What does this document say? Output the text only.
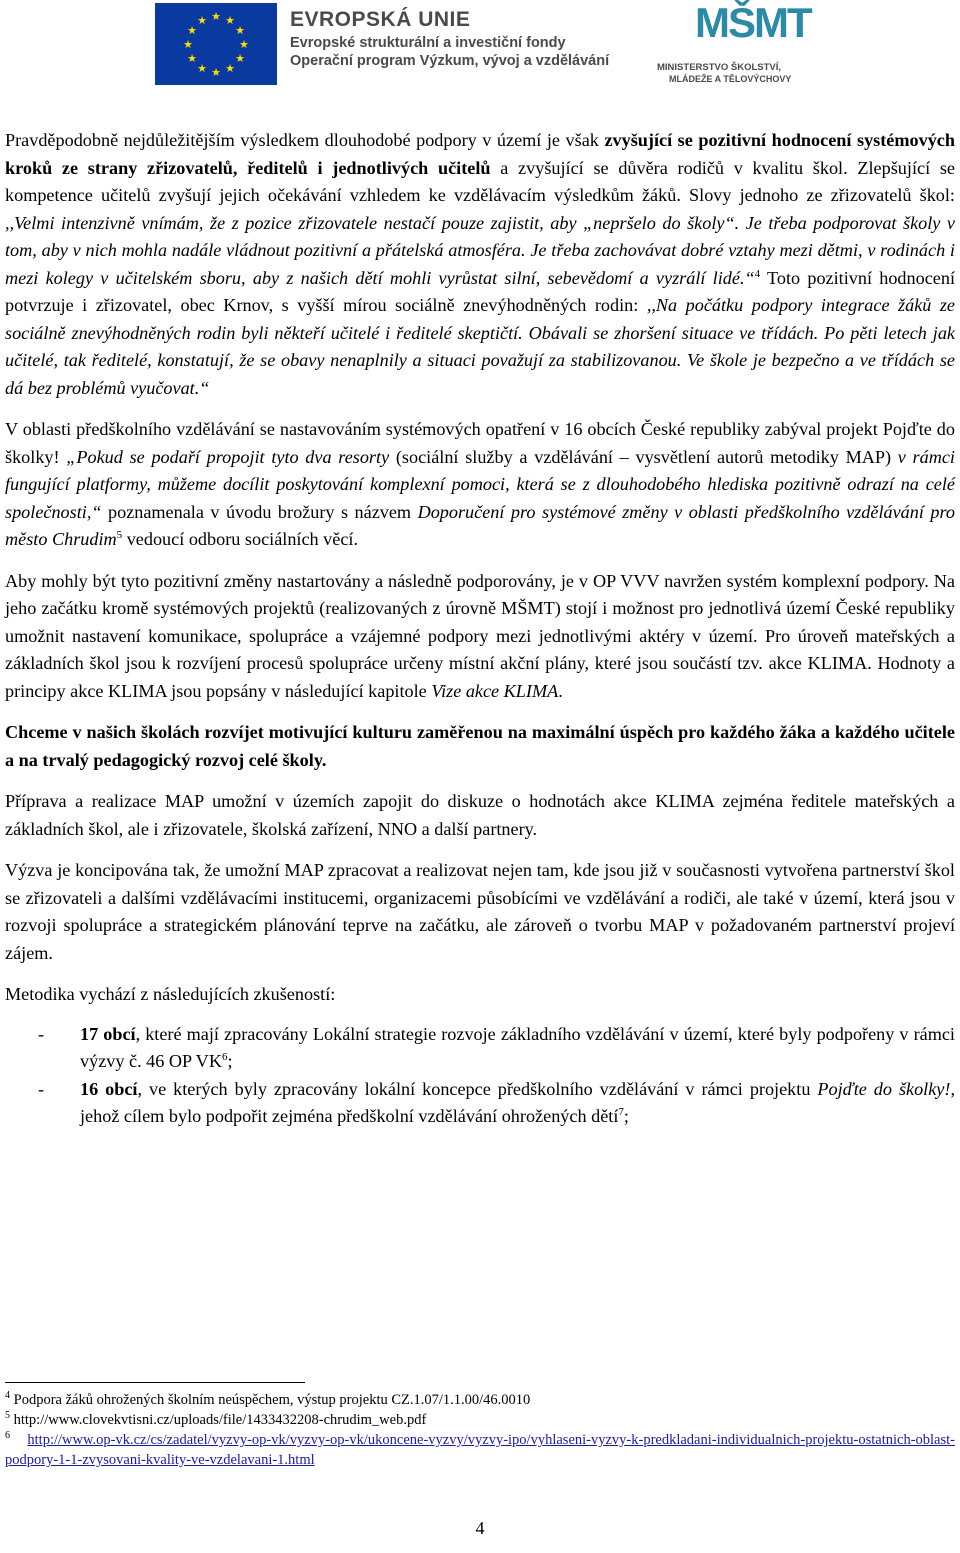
★ ★
★
★
★
★
★
★
★
★
★
★	EVROPSKÁ UNIE
Evropské strukturální a investiční fondy
Operační program Výzkum, vývoj a vzdělávání
MŠMT
MINISTERSTVO ŠKOLSTVÍ,
MLÁDEŽE A TĚLOVÝCHOVY

Pravděpodobně nejdůležitějším výsledkem dlouhodobé podpory v území je však zvyšující se pozitivní hodnocení systémových kroků ze strany zřizovatelů, ředitelů i jednotlivých učitelů a zvyšující se důvěra rodičů v kvalitu škol. Zlepšující se kompetence učitelů zvyšují jejich očekávání vzhledem ke vzdělávacím výsledkům žáků. Slovy jednoho ze zřizovatelů škol: ,,Velmi intenzivně vnímám, že z pozice zřizovatele nestačí pouze zajistit, aby „nepršelo do školy“. Je třeba podporovat školy v tom, aby v nich mohla nadále vládnout pozitivní a přátelská atmosféra. Je třeba zachovávat dobré vztahy mezi dětmi, v rodinách i mezi kolegy v učitelském sboru, aby z našich dětí mohli vyrůstat silní, sebevědomí a vyzrálí lidé.“$^4$ Toto pozitivní hodnocení potvrzuje i zřizovatel, obec Krnov, s vyšší mírou sociálně znevýhodněných rodin: ,,Na počátku podpory integrace žáků ze sociálně znevýhodněných rodin byli někteří učitelé i ředitelé skeptičtí. Obávali se zhoršení situace ve třídách. Po pěti letech jak učitelé, tak ředitelé, konstatují, že se obavy nenaplnily a situaci považují za stabilizovanou. Ve škole je bezpečno a ve třídách se dá bez problémů vyučovat.“

V oblasti předškolního vzdělávání se nastavováním systémových opatření v 16 obcích České republiky zabýval projekt Pojďte do školky! „Pokud se podaří propojit tyto dva resorty (sociální služby a vzdělávání – vysvětlení autorů metodiky MAP) v rámci fungující platformy, můžeme docílit poskytování komplexní pomoci, která se z dlouhodobého hlediska pozitivně odrazí na celé společnosti,“ poznamenala v úvodu brožury s názvem Doporučení pro systémové změny v oblasti předškolního vzdělávání pro město Chrudim$^5$ vedoucí odboru sociálních věcí.

Aby mohly být tyto pozitivní změny nastartovány a následně podporovány, je v OP VVV navržen systém komplexní podpory. Na jeho začátku kromě systémových projektů (realizovaných z úrovně MŠMT) stojí i možnost pro jednotlivá území České republiky umožnit nastavení komunikace, spolupráce a vzájemné podpory mezi jednotlivými aktéry v území. Pro úroveň mateřských a základních škol jsou k rozvíjení procesů spolupráce určeny místní akční plány, které jsou součástí tzv. akce KLIMA. Hodnoty a principy akce KLIMA jsou popsány v následující kapitole Vize akce KLIMA.

Chceme v našich školách rozvíjet motivující kulturu zaměřenou na maximální úspěch pro každého žáka a každého učitele a na trvalý pedagogický rozvoj celé školy.

Příprava a realizace MAP umožní v územích zapojit do diskuze o hodnotách akce KLIMA zejména ředitele mateřských a základních škol, ale i zřizovatele, školská zařízení, NNO a další partnery.

Výzva je koncipována tak, že umožní MAP zpracovat a realizovat nejen tam, kde jsou již v současnosti vytvořena partnerství škol se zřizovateli a dalšími vzdělávacími institucemi, organizacemi působícími ve vzdělávání a rodiči, ale také v území, která jsou v rozvoji spolupráce a strategickém plánování teprve na začátku, ale zároveň o tvorbu MAP v požadovaném partnerství projeví zájem.

Metodika vychází z následujících zkušeností:

- 17 obcí, které mají zpracovány Lokální strategie rozvoje základního vzdělávání v území, které byly podpořeny v rámci výzvy č. 46 OP $VK^6$;
- 16 obcí, ve kterých byly zpracovány lokální koncepce předškolního vzdělávání v rámci projektu Pojďte do školky!, jehož cílem bylo podpořit zejména předškolní vzdělávání ohrožených dětí$^7$;

$^4$ Podpora žáků ohrožených školním neúspěchem, výstup projektu CZ.1.07/1.1.00/46.0010

$^5$ http://www.clovekvtisni.cz/uploads/file/1433432208-chrudim_web.pdf

$^6$ http://www.op-vk.cz/cs/zadatel/vyzvy-op-vk/vyzvy-op-vk/ukoncene-vyzvy/vyzvy-ipo/vyhlaseni-vyzvy-k-predkladani-individualnich-projektu-ostatnich-oblast-podpory-1-1-zvysovani-kvality-ve-vzdelavani-1.html

4
